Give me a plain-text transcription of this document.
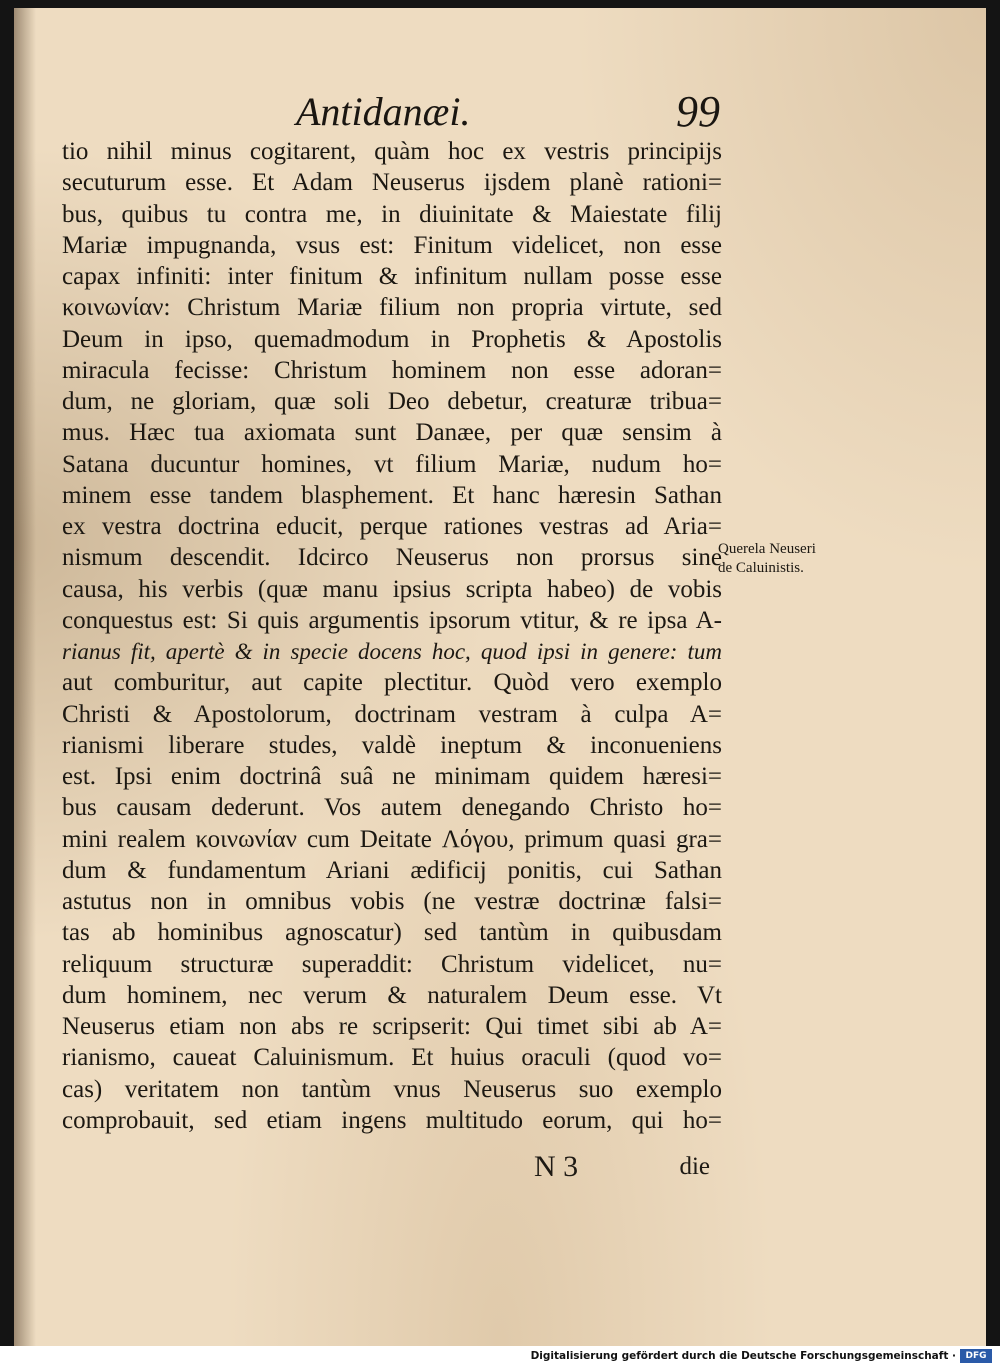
Antidanæi.	99
tio nihil minus cogitarent, quàm hoc ex vestris principijs
secuturum esse. Et Adam Neuserus ijsdem planè rationi=
bus, quibus tu contra me, in diuinitate & Maiestate filij
Mariæ impugnanda, vsus est: Finitum videlicet, non esse
capax infiniti: inter finitum & infinitum nullam posse esse
κοινωνίαν: Christum Mariæ filium non propria virtute, sed
Deum in ipso, quemadmodum in Prophetis & Apostolis
miracula fecisse: Christum hominem non esse adoran=
dum, ne gloriam, quæ soli Deo debetur, creaturæ tribua=
mus. Hæc tua axiomata sunt Danæe, per quæ sensim à
Satana ducuntur homines, vt filium Mariæ, nudum ho=
minem esse tandem blasphement. Et hanc hæresin Sathan
ex vestra doctrina educit, perque rationes vestras ad Aria=
nismum descendit. Idcirco Neuserus non prorsus sine
causa, his verbis (quæ manu ipsius scripta habeo) de vobis
conquestus est: Si quis argumentis ipsorum vtitur, & re ipsa A-
rianus fit, apertè & in specie docens hoc, quod ipsi in genere: tum
aut comburitur, aut capite plectitur. Quòd vero exemplo
Christi & Apostolorum, doctrinam vestram à culpa A=
rianismi liberare studes, valdè ineptum & inconueniens
est. Ipsi enim doctrinâ suâ ne minimam quidem hæresi=
bus causam dederunt. Vos autem denegando Christo ho=
mini realem κοινωνίαν cum Deitate Λόγου, primum quasi gra=
dum & fundamentum Ariani ædificij ponitis, cui Sathan
astutus non in omnibus vobis (ne vestræ doctrinæ falsi=
tas ab hominibus agnoscatur) sed tantùm in quibusdam
reliquum structuræ superaddit: Christum videlicet, nu=
dum hominem, nec verum & naturalem Deum esse. Vt
Neuserus etiam non abs re scripserit: Qui timet sibi ab A=
rianismo, caueat Caluinismum. Et huius oraculi (quod vo=
cas) veritatem non tantùm vnus Neuserus suo exemplo
comprobauit, sed etiam ingens multitudo eorum, qui ho=
Querela Neuseri
de Caluinistis.
N 3	die
Digitalisierung gefördert durch die Deutsche Forschungsgemeinschaft ·	DFG
